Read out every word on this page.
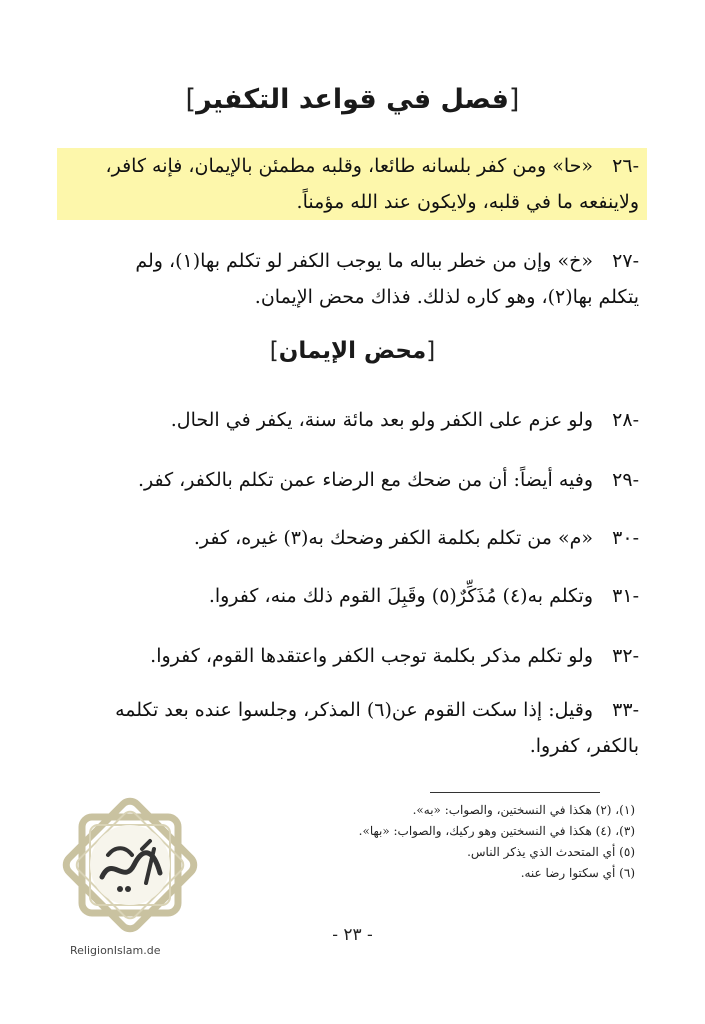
[فصل في قواعد التكفير]
-٢٦«حا» ومن كفر بلسانه طائعا، وقلبه مطمئن بالإيمان، فإنه كافر،
ولاينفعه ما في قلبه، ولايكون عند الله مؤمناً.
-٢٧«خ» وإن من خطر بباله ما يوجب الكفر لو تكلم بها(١)، ولم
يتكلم بها(٢)، وهو كاره لذلك. فذاك محض الإيمان.
[محض الإيمان]
-٢٨ولو عزم على الكفر ولو بعد مائة سنة، يكفر في الحال.
-٢٩وفيه أيضاً: أن من ضحك مع الرضاء عمن تكلم بالكفر، كفر.
-٣٠«م» من تكلم بكلمة الكفر وضحك به(٣) غيره، كفر.
-٣١وتكلم به(٤) مُذَكِّرٌ(٥) وقَبِلَ القوم ذلك منه، كفروا.
-٣٢ولو تكلم مذكر بكلمة توجب الكفر واعتقدها القوم، كفروا.
-٣٣وقيل: إذا سكت القوم عن(٦) المذكر، وجلسوا عنده بعد تكلمه
بالكفر، كفروا.
(١)، (٢) هكذا في النسختين، والصواب: «به».
(٣)، (٤) هكذا في النسختين وهو ركيك، والصواب: «بها».
(٥) أي المتحدث الذي يذكر الناس.
(٦) أي سكتوا رضا عنه.
ReligionIslam.de
- ٢٣ -
